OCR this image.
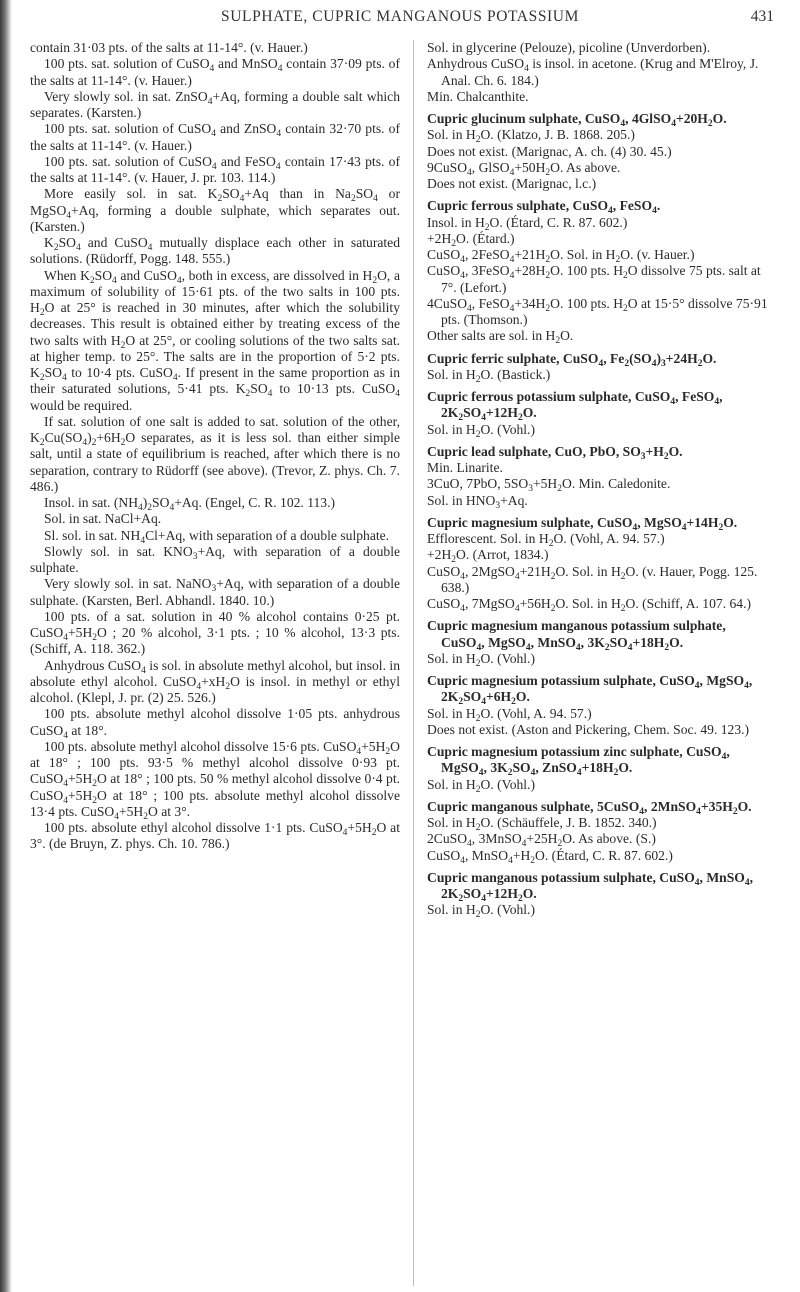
SULPHATE, CUPRIC MANGANOUS POTASSIUM	431

contain 31·03 pts. of the salts at 11-14°. (v. Hauer.)

100 pts. sat. solution of CuSO$_4$ and MnSO$_4$ contain 37·09 pts. of the salts at 11-14°. (v. Hauer.)

Very slowly sol. in sat. ZnSO$_4$+Aq, forming a double salt which separates. (Karsten.)

100 pts. sat. solution of CuSO$_4$ and ZnSO$_4$ contain 32·70 pts. of the salts at 11-14°. (v. Hauer.)

100 pts. sat. solution of CuSO$_4$ and FeSO$_4$ contain 17·43 pts. of the salts at 11-14°. (v. Hauer, J. pr. 103. 114.)

More easily sol. in sat. $K_2SO_4+Aq$ than in $Na_2SO_4$ or MgSO$_4$+Aq, forming a double sulphate, which separates out. (Karsten.)

$K_2SO_4$ and CuSO$_4$ mutually displace each other in saturated solutions. (Rüdorff, Pogg. 148. 555.)

When $K_2SO_4$ and CuSO$_4$, both in excess, are dissolved in $H_2O$, a maximum of solubility of 15·61 pts. of the two salts in 100 pts. $H_2O$ at 25° is reached in 30 minutes, after which the solubility decreases. This result is obtained either by treating excess of the two salts with $H_2O$ at 25°, or cooling solutions of the two salts sat. at higher temp. to 25°. The salts are in the proportion of 5·2 pts. $K_2SO_4$ to 10·4 pts. CuSO$_4$. If present in the same proportion as in their saturated solutions, 5·41 pts. $K_2SO_4$ to 10·13 pts. CuSO$_4$ would be required.

If sat. solution of one salt is added to sat. solution of the other, $K_2Cu(SO_4)_2+6H_2O$ separates, as it is less sol. than either simple salt, until a state of equilibrium is reached, after which there is no separation, contrary to Rüdorff (see above). (Trevor, Z. phys. Ch. 7. 486.)

Insol. in sat. $(NH_4)_2SO_4+Aq$. (Engel, C. R. 102. 113.)

Sol. in sat. NaCl+Aq.

Sl. sol. in sat. $NH_4Cl+Aq$, with separation of a double sulphate.

Slowly sol. in sat. $KNO_3+Aq$, with separation of a double sulphate.

Very slowly sol. in sat. NaNO$_3$+Aq, with separation of a double sulphate. (Karsten, Berl. Abhandl. 1840. 10.)

100 pts. of a sat. solution in 40 % alcohol contains 0·25 pt. $CuSO_4+5H_2O$ ; 20 % alcohol, 3·1 pts. ; 10 % alcohol, 13·3 pts. (Schiff, A. 118. 362.)

Anhydrous CuSO$_4$ is sol. in absolute methyl alcohol, but insol. in absolute ethyl alcohol. $CuSO_4+xH_2O$ is insol. in methyl or ethyl alcohol. (Klepl, J. pr. (2) 25. 526.)

100 pts. absolute methyl alcohol dissolve 1·05 pts. anhydrous CuSO$_4$ at 18°.

100 pts. absolute methyl alcohol dissolve 15·6 pts. $CuSO_4+5H_2O$ at 18° ; 100 pts. 93·5 % methyl alcohol dissolve 0·93 pt. $CuSO_4+5H_2O$ at 18° ; 100 pts. 50 % methyl alcohol dissolve 0·4 pt. $CuSO_4+5H_2O$ at 18° ; 100 pts. absolute methyl alcohol dissolve 13·4 pts. $CuSO_4+5H_2O$ at 3°.

100 pts. absolute ethyl alcohol dissolve 1·1 pts. $CuSO_4+5H_2O$ at 3°. (de Bruyn, Z. phys. Ch. 10. 786.)

Sol. in glycerine (Pelouze), picoline (Unverdorben).

Anhydrous CuSO$_4$ is insol. in acetone. (Krug and M'Elroy, J. Anal. Ch. 6. 184.)

Min. Chalcanthite.

Cupric glucinum sulphate, CuSO$_4$, $4GlSO_4+20H_2O$.

Sol. in $H_2O$. (Klatzo, J. B. 1868. 205.)

Does not exist. (Marignac, A. ch. (4) 30. 45.)

9CuSO$_4$, $GlSO_4+50H_2O$. As above.

Does not exist. (Marignac, l.c.)

Cupric ferrous sulphate, CuSO$_4$, FeSO$_4$.

Insol. in $H_2O$. (Étard, C. R. 87. 602.)

$+2H_2O$. (Étard.)

CuSO$_4$, $2FeSO_4+21H_2O$. Sol. in $H_2O$. (v. Hauer.)

CuSO$_4$, $3FeSO_4+28H_2O$. 100 pts. $H_2O$ dissolve 75 pts. salt at 7°. (Lefort.)

4CuSO$_4$, $FeSO_4+34H_2O$. 100 pts. $H_2O$ at 15·5° dissolve 75·91 pts. (Thomson.)

Other salts are sol. in $H_2O$.

Cupric ferric sulphate, CuSO$_4$, $Fe_2(SO_4)_3+24H_2O$.

Sol. in $H_2O$. (Bastick.)

Cupric ferrous potassium sulphate, CuSO$_4$, FeSO$_4$, $2K_2SO_4+12H_2O$.

Sol. in $H_2O$. (Vohl.)

Cupric lead sulphate, CuO, PbO, $SO_3+H_2O$.

Min. Linarite.

3CuO, 7PbO, $5SO_3+5H_2O$. Min. Caledonite.

Sol. in $HNO_3+Aq$.

Cupric magnesium sulphate, CuSO$_4$, $MgSO_4+14H_2O$.

Efflorescent. Sol. in $H_2O$. (Vohl, A. 94. 57.)

$+2H_2O$. (Arrot, 1834.)

CuSO$_4$, $2MgSO_4+21H_2O$. Sol. in $H_2O$. (v. Hauer, Pogg. 125. 638.)

CuSO$_4$, $7MgSO_4+56H_2O$. Sol. in $H_2O$. (Schiff, A. 107. 64.)

Cupric magnesium manganous potassium sulphate, CuSO$_4$, MgSO$_4$, MnSO$_4$, $3K_2SO_4+18H_2O$.

Sol. in $H_2O$. (Vohl.)

Cupric magnesium potassium sulphate, CuSO$_4$, MgSO$_4$, $2K_2SO_4+6H_2O$.

Sol. in $H_2O$. (Vohl, A. 94. 57.)

Does not exist. (Aston and Pickering, Chem. Soc. 49. 123.)

Cupric magnesium potassium zinc sulphate, CuSO$_4$, MgSO$_4$, $3K_2SO_4$, $ZnSO_4+18H_2O$.

Sol. in $H_2O$. (Vohl.)

Cupric manganous sulphate, 5CuSO$_4$, $2MnSO_4+35H_2O$.

Sol. in $H_2O$. (Schäuffele, J. B. 1852. 340.)

2CuSO$_4$, $3MnSO_4+25H_2O$. As above. (S.)

CuSO$_4$, $MnSO_4+H_2O$. (Étard, C. R. 87. 602.)

Cupric manganous potassium sulphate, CuSO$_4$, MnSO$_4$, $2K_2SO_4+12H_2O$.

Sol. in $H_2O$. (Vohl.)
